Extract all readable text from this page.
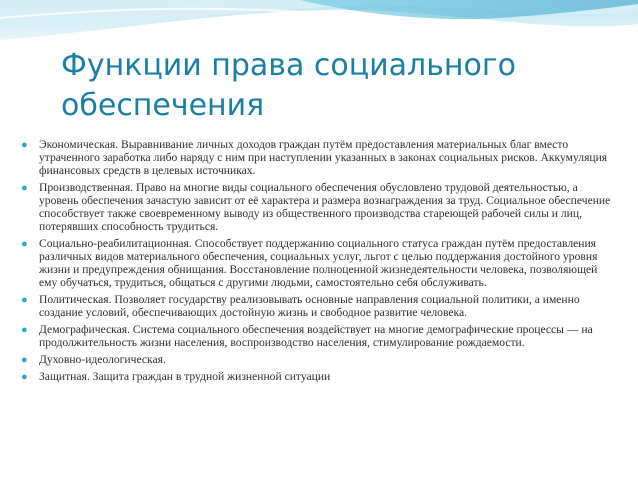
Функции права социального
обеспечения
● Экономическая. Выравнивание личных доходов граждан путём предоставления материальных благ вместо утраченного заработка либо наряду с ним при наступлении указанных в законах социальных рисков. Аккумуляция финансовых средств в целевых источниках.
● Производственная. Право на многие виды социального обеспечения обусловлено трудовой деятельностью, а уровень обеспечения зачастую зависит от её характера и размера вознаграждения за труд. Социальное обеспечение способствует также своевременному выводу из общественного производства стареющей рабочей силы и лиц, потерявших способность трудиться.
● Социально-реабилитационная. Способствует поддержанию социального статуса граждан путём предоставления различных видов материального обеспечения, социальных услуг, льгот с целью поддержания достойного уровня жизни и предупреждения обнищания. Восстановление полноценной жизнедеятельности человека, позволяющей ему обучаться, трудиться, общаться с другими людьми, самостоятельно себя обслуживать.
● Политическая. Позволяет государству реализовывать основные направления социальной политики, а именно создание условий, обеспечивающих достойную жизнь и свободное развитие человека.
● Демографическая. Система социального обеспечения воздействует на многие демографические процессы — на продолжительность жизни населения, воспроизводство населения, стимулирование рождаемости.
● Духовно-идеологическая.
● Защитная. Защита граждан в трудной жизненной ситуации
